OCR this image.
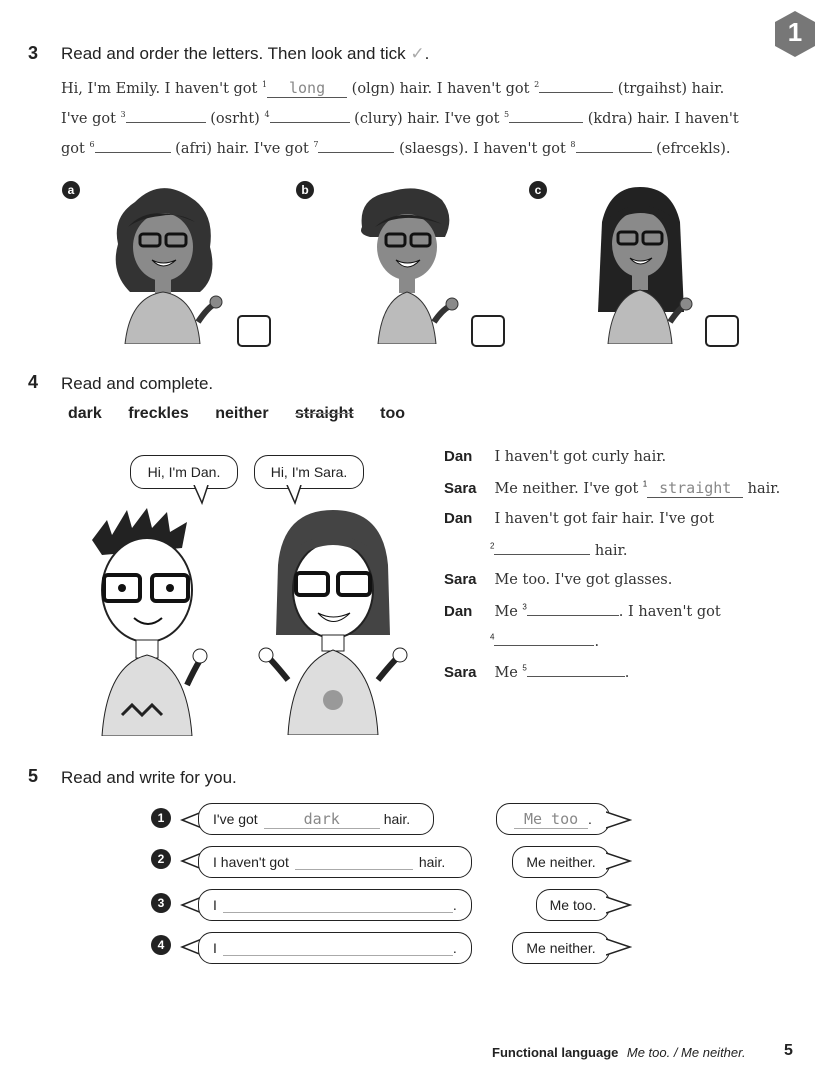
1
3 Read and order the letters. Then look and tick ✓.
Hi, I'm Emily. I haven't got $^1$ long (olgn) hair. I haven't got $^2$	(trgaihst) hair.
I've got $^3$	(osrht) $^4$	(clury) hair. I've got $^5$	(kdra) hair. I haven't
got $^6$	(afri) hair. I've got $^7$	(slaesgs). I haven't got $^8$	(efrcekls).
a	b	c
4 Read and complete.
dark freckles neither straight too
Hi, I'm Dan.	Hi, I'm Sara.
Dan I haven't got curly hair.
Sara Me neither. I've got $^1$ straight hair.
Dan I haven't got fair hair. I've got
$^2$	hair.
Sara Me too. I've got glasses.
Dan Me $^3$	. I haven't got
$^4$	.
Sara Me $^5$	.
5 Read and write for you.
1	I've got	dark	hair.	Me too .
2	I haven't got	hair.	Me neither.
3	I	.	Me too.
4	I	.	Me neither.
Functional language Me too. / Me neither. 5
